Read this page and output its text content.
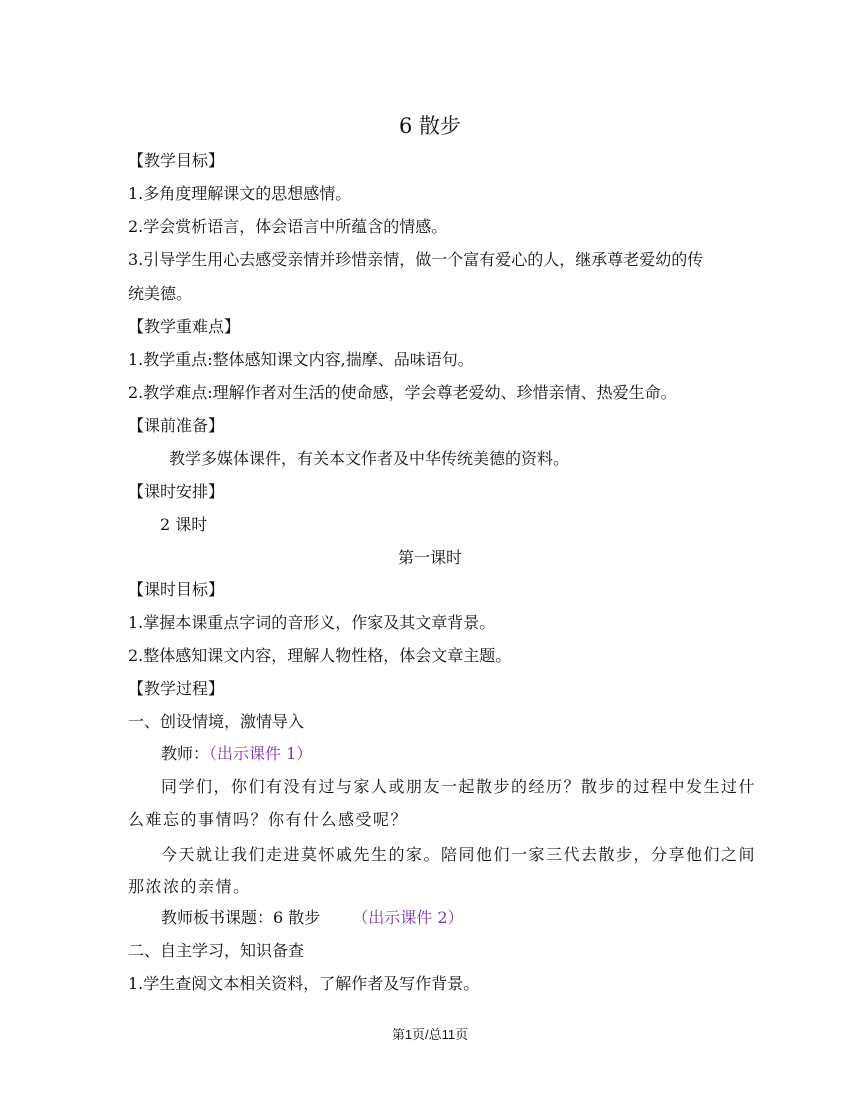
6 散步
【教学目标】
1.多角度理解课文的思想感情。
2.学会赏析语言，体会语言中所蕴含的情感。
3.引导学生用心去感受亲情并珍惜亲情，做一个富有爱心的人，继承尊老爱幼的传
统美德。
【教学重难点】
1.教学重点:整体感知课文内容,揣摩、品味语句。
2.教学难点:理解作者对生活的使命感，学会尊老爱幼、珍惜亲情、热爱生命。
【课前准备】
教学多媒体课件，有关本文作者及中华传统美德的资料。
【课时安排】
2 课时
第一课时
【课时目标】
1.掌握本课重点字词的音形义，作家及其文章背景。
2.整体感知课文内容，理解人物性格，体会文章主题。
【教学过程】
一、创设情境，激情导入
教师：（出示课件 1）
同学们，你们有没有过与家人或朋友一起散步的经历？散步的过程中发生过什
么难忘的事情吗？你有什么感受呢？
今天就让我们走进莫怀戚先生的家。陪同他们一家三代去散步，分享他们之间
那浓浓的亲情。
教师板书课题：6 散步 （出示课件 2）
二、自主学习，知识备查
1.学生查阅文本相关资料，了解作者及写作背景。
第1页/总11页
